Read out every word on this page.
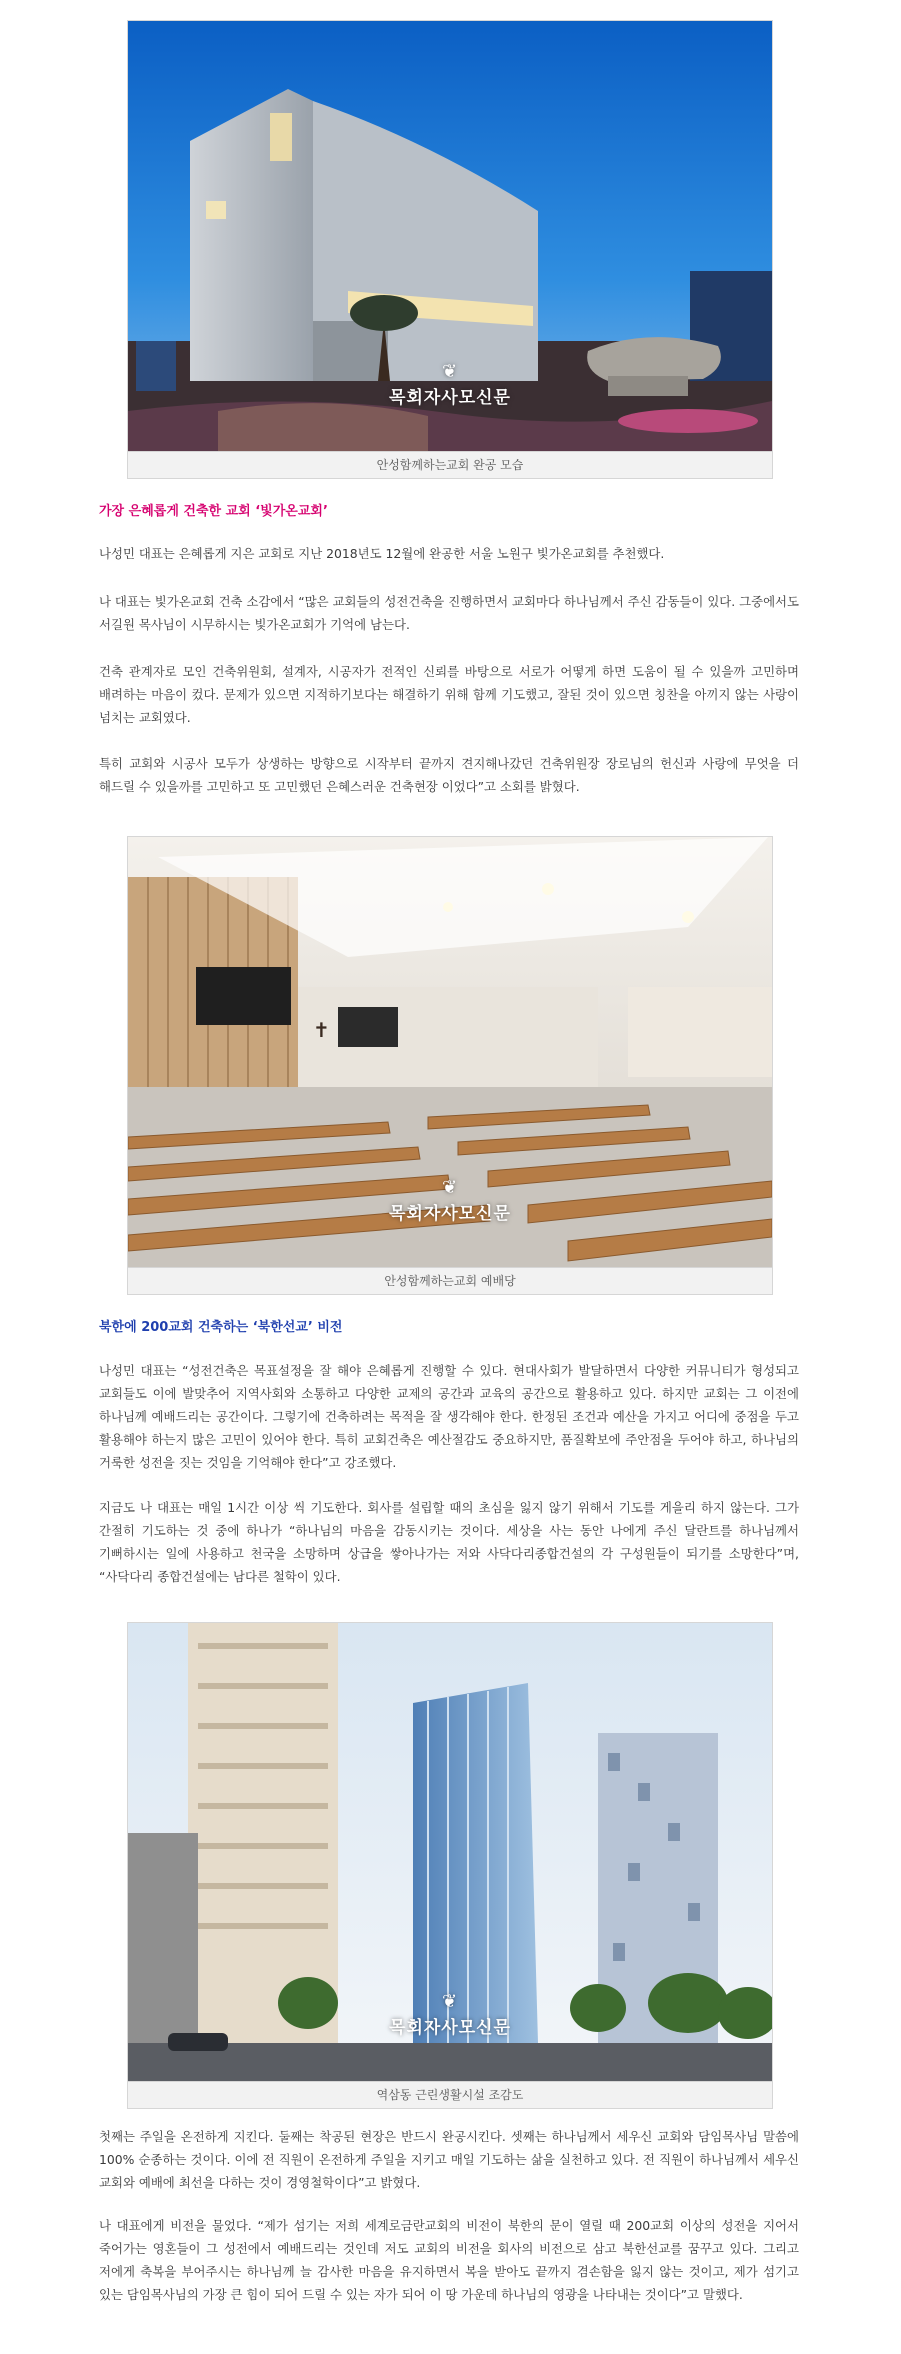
❦
목회자사모신문
안성함께하는교회 완공 모습
가장 은혜롭게 건축한 교회 ‘빛가온교회’

나성민 대표는 은혜롭게 지은 교회로 지난 2018년도 12월에 완공한 서울 노원구 빛가온교회를 추천했다.

나 대표는 빛가온교회 건축 소감에서 “많은 교회들의 성전건축을 진행하면서 교회마다 하나님께서 주신 감동들이 있다. 그중에서도 서길원 목사님이 시무하시는 빛가온교회가 기억에 남는다.

건축 관계자로 모인 건축위원회, 설계자, 시공자가 전적인 신뢰를 바탕으로 서로가 어떻게 하면 도움이 될 수 있을까 고민하며 배려하는 마음이 컸다. 문제가 있으면 지적하기보다는 해결하기 위해 함께 기도했고, 잘된 것이 있으면 칭찬을 아끼지 않는 사랑이 넘치는 교회였다.

특히 교회와 시공사 모두가 상생하는 방향으로 시작부터 끝까지 견지해나갔던 건축위원장 장로님의 헌신과 사랑에 무엇을 더 해드릴 수 있을까를 고민하고 또 고민했던 은혜스러운 건축현장 이었다”고 소회를 밝혔다.

✝
❦
목회자사모신문
안성함께하는교회 예배당
북한에 200교회 건축하는 ‘북한선교’ 비전

나성민 대표는 “성전건축은 목표설정을 잘 해야 은혜롭게 진행할 수 있다. 현대사회가 발달하면서 다양한 커뮤니티가 형성되고 교회들도 이에 발맞추어 지역사회와 소통하고 다양한 교제의 공간과 교육의 공간으로 활용하고 있다. 하지만 교회는 그 이전에 하나님께 예배드리는 공간이다. 그렇기에 건축하려는 목적을 잘 생각해야 한다. 한정된 조건과 예산을 가지고 어디에 중점을 두고 활용해야 하는지 많은 고민이 있어야 한다. 특히 교회건축은 예산절감도 중요하지만, 품질확보에 주안점을 두어야 하고, 하나님의 거룩한 성전을 짓는 것임을 기억해야 한다”고 강조했다.

지금도 나 대표는 매일 1시간 이상 씩 기도한다. 회사를 설립할 때의 초심을 잃지 않기 위해서 기도를 게을리 하지 않는다. 그가 간절히 기도하는 것 중에 하나가 “하나님의 마음을 감동시키는 것이다. 세상을 사는 동안 나에게 주신 달란트를 하나님께서 기뻐하시는 일에 사용하고 천국을 소망하며 상급을 쌓아나가는 저와 사닥다리종합건설의 각 구성원들이 되기를 소망한다”며, “사닥다리 종합건설에는 남다른 철학이 있다.

❦
목회자사모신문
역삼동 근린생활시설 조감도

첫째는 주일을 온전하게 지킨다. 둘째는 착공된 현장은 반드시 완공시킨다. 셋째는 하나님께서 세우신 교회와 담임목사님 말씀에 100% 순종하는 것이다. 이에 전 직원이 온전하게 주일을 지키고 매일 기도하는 삶을 실천하고 있다. 전 직원이 하나님께서 세우신 교회와 예배에 최선을 다하는 것이 경영철학이다”고 밝혔다.

나 대표에게 비전을 물었다. “제가 섬기는 저희 세계로금란교회의 비전이 북한의 문이 열릴 때 200교회 이상의 성전을 지어서 죽어가는 영혼들이 그 성전에서 예배드리는 것인데 저도 교회의 비전을 회사의 비전으로 삼고 북한선교를 꿈꾸고 있다. 그리고 저에게 축복을 부어주시는 하나님께 늘 감사한 마음을 유지하면서 복을 받아도 끝까지 겸손함을 잃지 않는 것이고, 제가 섬기고 있는 담임목사님의 가장 큰 힘이 되어 드릴 수 있는 자가 되어 이 땅 가운데 하나님의 영광을 나타내는 것이다”고 말했다.
